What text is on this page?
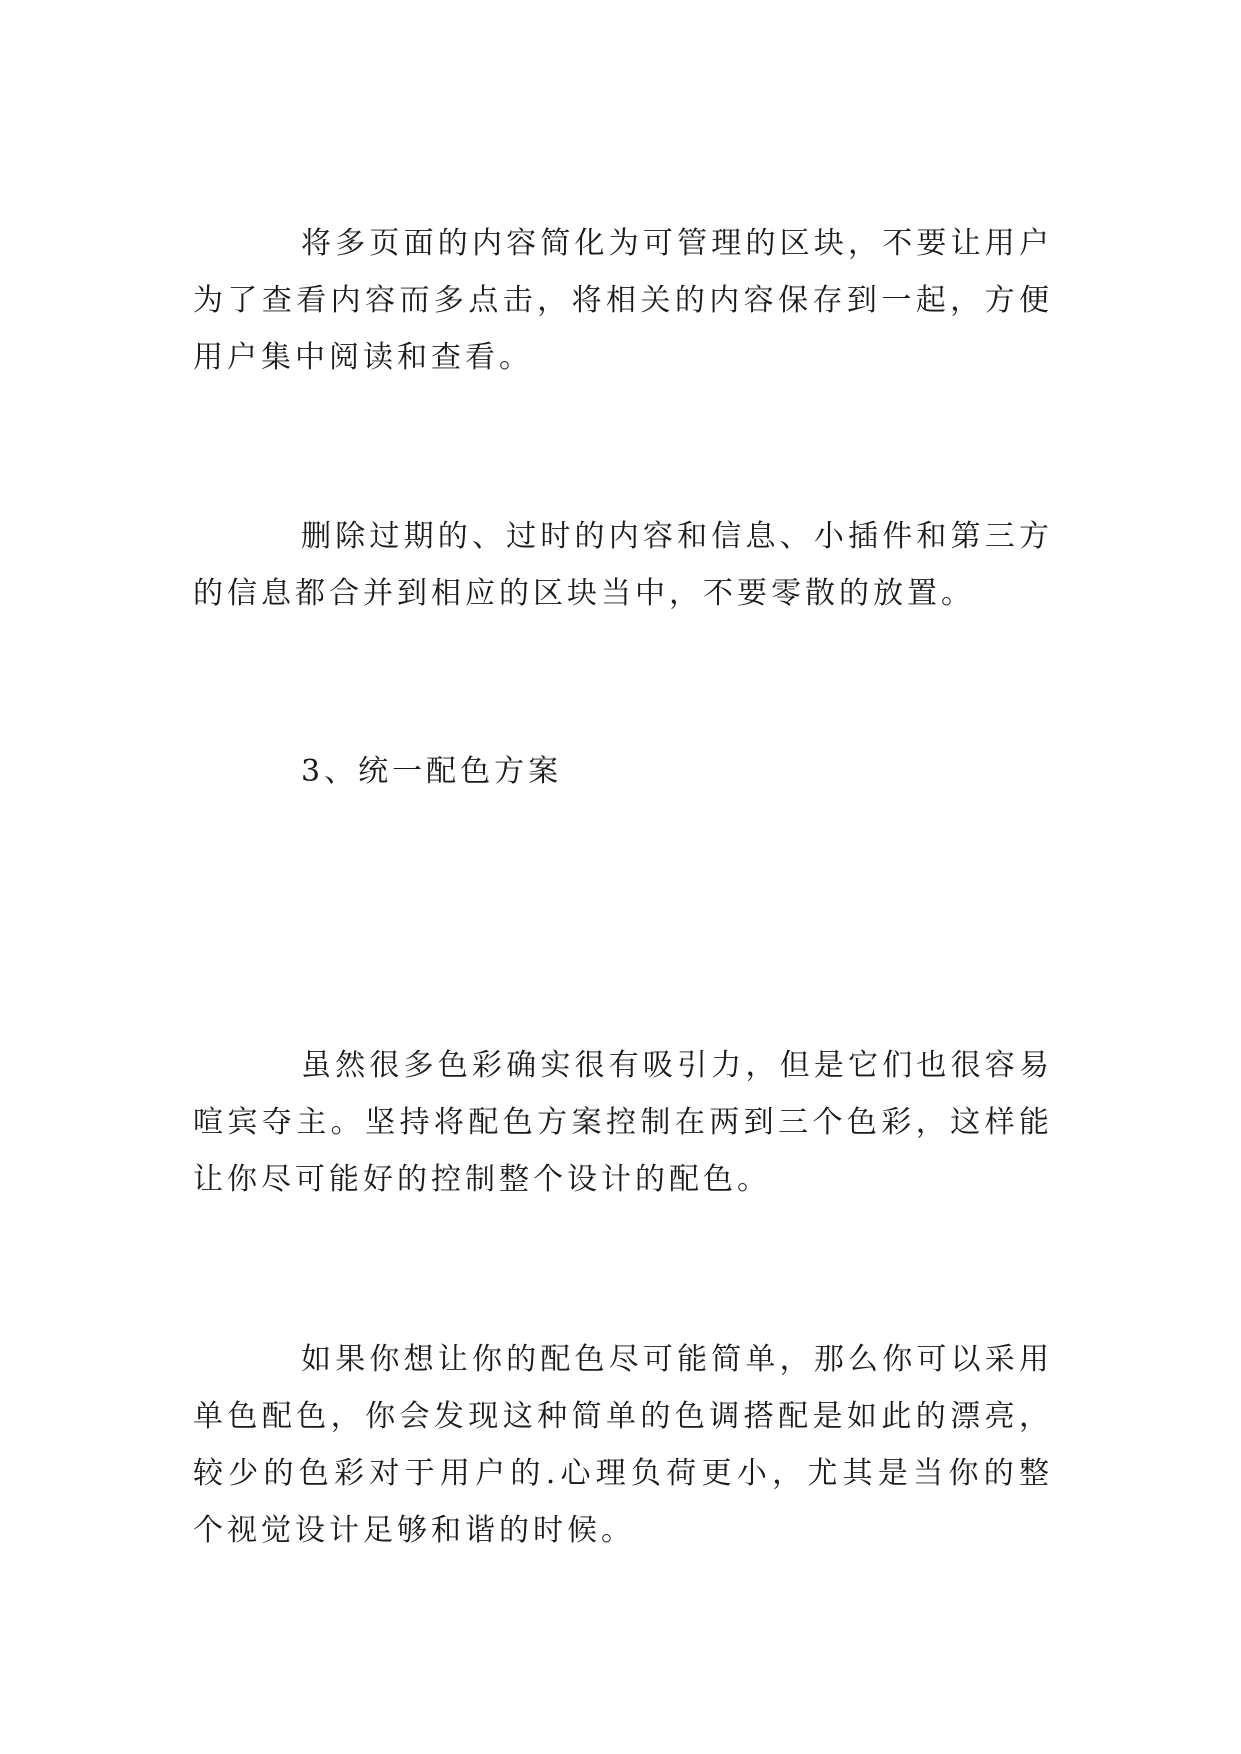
将多页面的内容简化为可管理的区块，不要让用户为了查看内容而多点击，将相关的内容保存到一起，方便用户集中阅读和查看。

删除过期的、过时的内容和信息、小插件和第三方的信息都合并到相应的区块当中，不要零散的放置。

3、统一配色方案

虽然很多色彩确实很有吸引力，但是它们也很容易喧宾夺主。坚持将配色方案控制在两到三个色彩，这样能让你尽可能好的控制整个设计的配色。

如果你想让你的配色尽可能简单，那么你可以采用单色配色，你会发现这种简单的色调搭配是如此的漂亮，较少的色彩对于用户的.心理负荷更小，尤其是当你的整个视觉设计足够和谐的时候。
